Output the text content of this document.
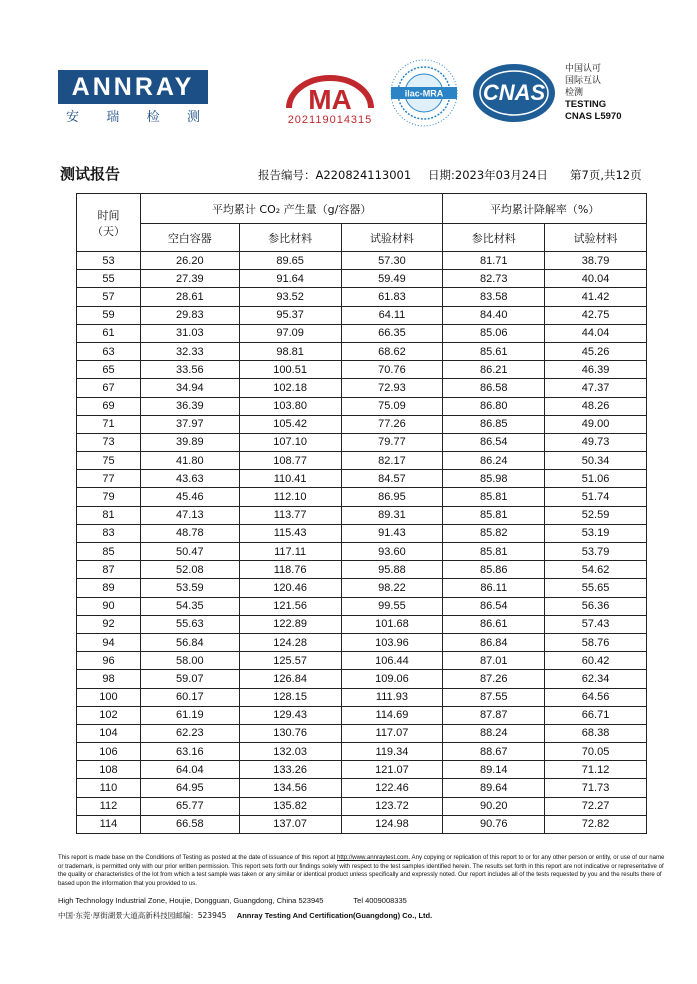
ANNRAY
安 瑞 检 测
MA
202119014315
ilac-MRA CNAS
中国认可
国际互认
检测
TESTING
CNAS L5970
测试报告	报告编号：A220824113001 日期:2023年03月24日 第7页,共12页
时间
（天）	平均累计 CO₂ 产生量（g/容器）			平均累计降解率（%）	
	空白容器	参比材料	试验材料	参比材料	试验材料
53	26.20	89.65	57.30	81.71	38.79
55	27.39	91.64	59.49	82.73	40.04
57	28.61	93.52	61.83	83.58	41.42
59	29.83	95.37	64.11	84.40	42.75
61	31.03	97.09	66.35	85.06	44.04
63	32.33	98.81	68.62	85.61	45.26
65	33.56	100.51	70.76	86.21	46.39
67	34.94	102.18	72.93	86.58	47.37
69	36.39	103.80	75.09	86.80	48.26
71	37.97	105.42	77.26	86.85	49.00
73	39.89	107.10	79.77	86.54	49.73
75	41.80	108.77	82.17	86.24	50.34
77	43.63	110.41	84.57	85.98	51.06
79	45.46	112.10	86.95	85.81	51.74
81	47.13	113.77	89.31	85.81	52.59
83	48.78	115.43	91.43	85.82	53.19
85	50.47	117.11	93.60	85.81	53.79
87	52.08	118.76	95.88	85.86	54.62
89	53.59	120.46	98.22	86.11	55.65
90	54.35	121.56	99.55	86.54	56.36
92	55.63	122.89	101.68	86.61	57.43
94	56.84	124.28	103.96	86.84	58.76
96	58.00	125.57	106.44	87.01	60.42
98	59.07	126.84	109.06	87.26	62.34
100	60.17	128.15	111.93	87.55	64.56
102	61.19	129.43	114.69	87.87	66.71
104	62.23	130.76	117.07	88.24	68.38
106	63.16	132.03	119.34	88.67	70.05
108	64.04	133.26	121.07	89.14	71.12
110	64.95	134.56	122.46	89.64	71.73
112	65.77	135.82	123.72	90.20	72.27
114	66.58	137.07	124.98	90.76	72.82
This report is made base on the Conditions of Testing as posted at the date of issuance of this report at http://www.annraytest.com. Any copying or replication of this report to or for any other person or entity, or use of our name or trademark, is permitted only with our prior written permission. This report sets forth our findings solely with respect to the test samples identified herein. The results set forth in this report are not indicative or representative of the quality or characteristics of the lot from which a test sample was taken or any similar or identical product unless specifically and expressly noted. Our report includes all of the tests requested by you and the results there of based upon the information that you provided to us.
High Technology Industrial Zone, Houjie, Dongguan, Guangdong, China 523945	Tel 4009008335
中国·东莞·厚街湖景大道高新科技园邮编：523945 Annray Testing And Certification(Guangdong) Co., Ltd.
